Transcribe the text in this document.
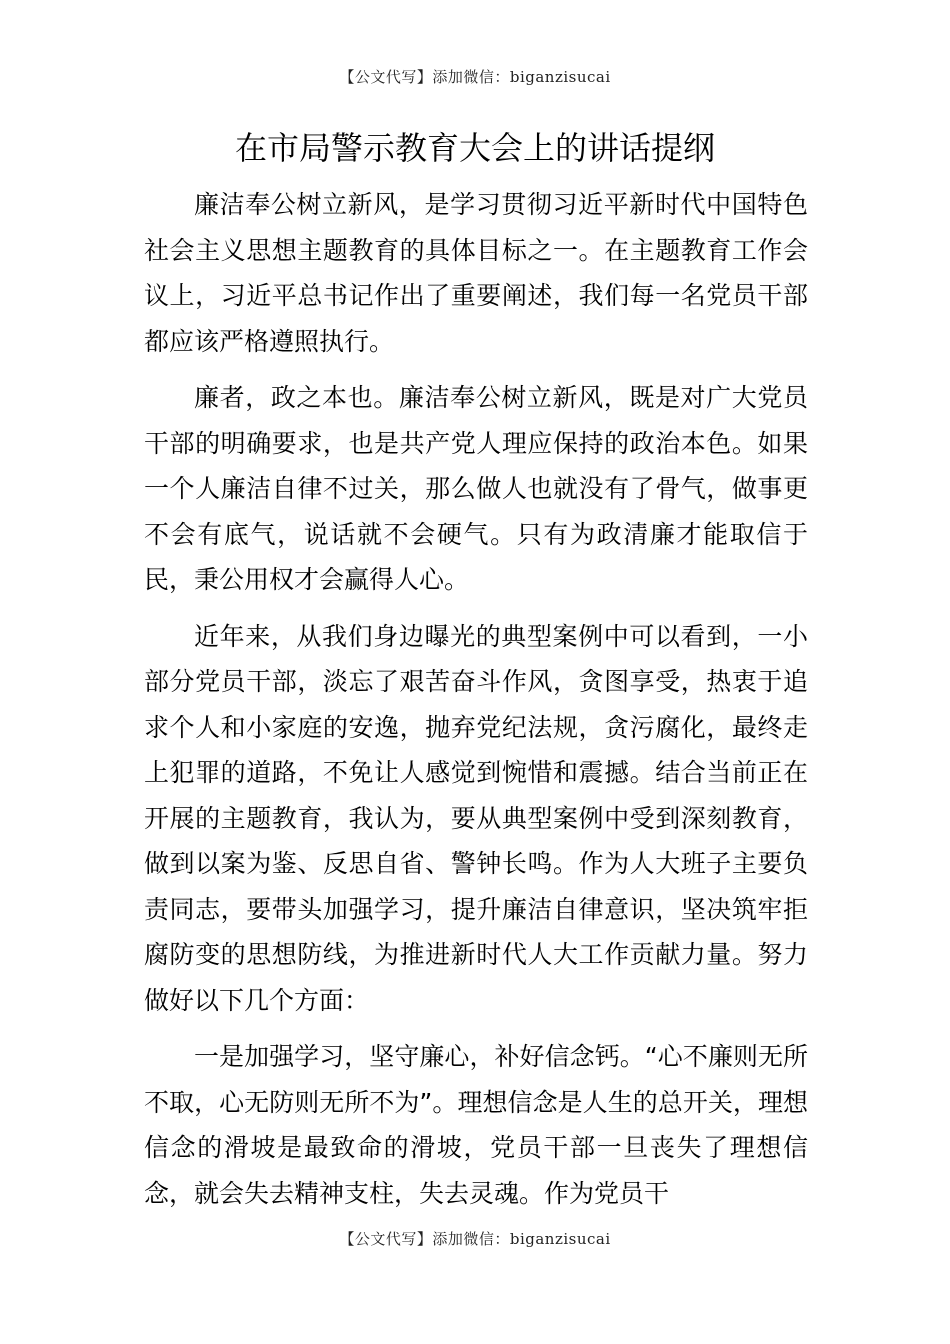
【公文代写】添加微信：biganzisucai
在市局警示教育大会上的讲话提纲

廉洁奉公树立新风，是学习贯彻习近平新时代中国特色社会主义思想主题教育的具体目标之一。在主题教育工作会议上，习近平总书记作出了重要阐述，我们每一名党员干部都应该严格遵照执行。

廉者，政之本也。廉洁奉公树立新风，既是对广大党员干部的明确要求，也是共产党人理应保持的政治本色。如果一个人廉洁自律不过关，那么做人也就没有了骨气，做事更不会有底气，说话就不会硬气。只有为政清廉才能取信于民，秉公用权才会赢得人心。

近年来，从我们身边曝光的典型案例中可以看到，一小部分党员干部，淡忘了艰苦奋斗作风，贪图享受，热衷于追求个人和小家庭的安逸，抛弃党纪法规，贪污腐化，最终走上犯罪的道路，不免让人感觉到惋惜和震撼。结合当前正在开展的主题教育，我认为，要从典型案例中受到深刻教育，做到以案为鉴、反思自省、警钟长鸣。作为人大班子主要负责同志，要带头加强学习，提升廉洁自律意识，坚决筑牢拒腐防变的思想防线，为推进新时代人大工作贡献力量。努力做好以下几个方面：

一是加强学习，坚守廉心，补好信念钙。“心不廉则无所不取，心无防则无所不为”。理想信念是人生的总开关，理想信念的滑坡是最致命的滑坡，党员干部一旦丧失了理想信念，就会失去精神支柱，失去灵魂。作为党员干

【公文代写】添加微信：biganzisucai
